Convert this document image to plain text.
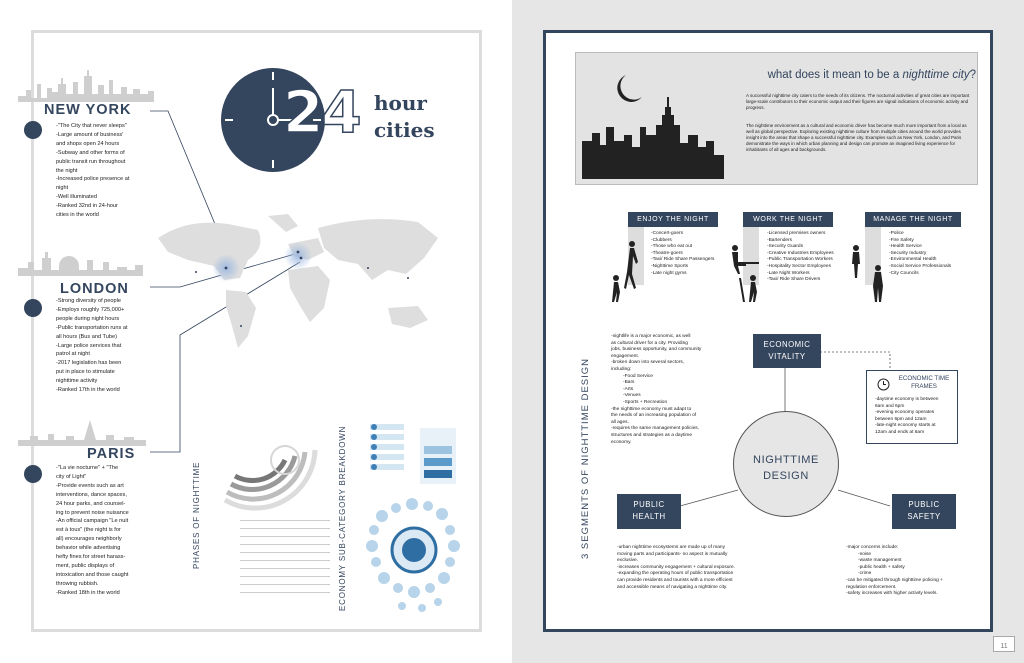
NEW YORK
LONDON
PARIS
-"The City that never sleeps"
-Large amount of business'
and shops open 24 hours
-Subway and other forms of
public transit run throughout
the night
-Increased police presence at
night
-Well illuminated
-Ranked 32nd in 24-hour
cities in the world
-Strong diversity of people
-Employs roughly 725,000+
people during night hours
-Public transportation runs at
all hours (Bus and Tube)
-Large police services that
patrol at night
-2017 legislation has been
put in place to stimulate
nighttime activity
-Ranked 17th in the world
-"La vie nocturne" + "The
city of Light"
-Provide events such as art
interventions, dance spaces,
24 hour parks, and counsel-
ing to prevent noise nuisance
-An official campaign "Le nuit
est à tous" (the night is for
all) encourages neighborly
behavior while advertising
hefty fines for street harass-
ment, public displays of
intoxication and those caught
throwing rubbish.
-Ranked 18th in the world
24 hour
cities
PHASES OF NIGHTTIME	ECONOMY SUB-CATEGORY BREAKDOWN
what does it mean to be a nighttime city?
A successful nighttime city caters to the needs of its citizens. The nocturnal activities of great cities are important large-scale contributors to their economic output and their figures are signal indications of economic activity and progress.
The nighttime environment as a cultural and economic driver has become much more important from a local as well as global perspective. Exploring existing nighttime culture from multiple cities around the world provides insight into the areas that shape a successful nighttime city. Examples such as New York, London, and Paris demonstrate the ways in which urban planning and design can promote an imagined living experience for inhabitants of all ages and backgrounds.
ENJOY THE NIGHT	WORK THE NIGHT	MANAGE THE NIGHT
-Concert-goers
-Clubbers
-Those who eat out
-Theatre-goers
-Taxi/ Ride Share Passengers
-Nighttime Sports
-Late night gyms
-Licensed premises owners
-Bartenders
-Security Guards
-Creative Industries Employees
-Public Transportation Workers
-Hospitality Sector Employees
-Late Night Workers
-Taxi/ Ride Share Drivers
-Police
-Fire Safety
-Health Service
-Security Industry
-Environmental Health
-Social Service Professionals
-City Councils
3 SEGMENTS OF NIGHTTIME DESIGN
-nightlife is a major economic, as well
as cultural driver for a city. Providing
jobs, business opportunity, and community
engagement.
-broken down into several sectors,
including:
-Food Service
-Bars
-Arts
-Venues
-Sports + Recreation
-the nighttime economy must adapt to
the needs of an increasing population of
all ages.
-requires the same management policies,
structures and strategies as a daytime
economy.
ECONOMIC VITALITY
ECONOMIC TIME FRAMES
-daytime economy is between
6am and 6pm
-evening economy operates
between 6pm and 12am
-late-night economy starts at
12am and ends at 6am
NIGHTTIME
DESIGN
PUBLIC HEALTH
PUBLIC SAFETY
-urban nighttime ecosystems are made up of many
moving parts and participants- no aspect is mutually
exclusive.
-increases community engagement + cultural exposure.
-expanding the operating hours of public transportation
can provide residents and tourists with a more efficient
and accessible means of navigating a nighttime city.
-major concerns include:
-noise
-waste management
-public health + safety
-crime
-can be mitigated through nighttime policing +
regulation enforcement.
-safety increases with higher activity levels.
11
